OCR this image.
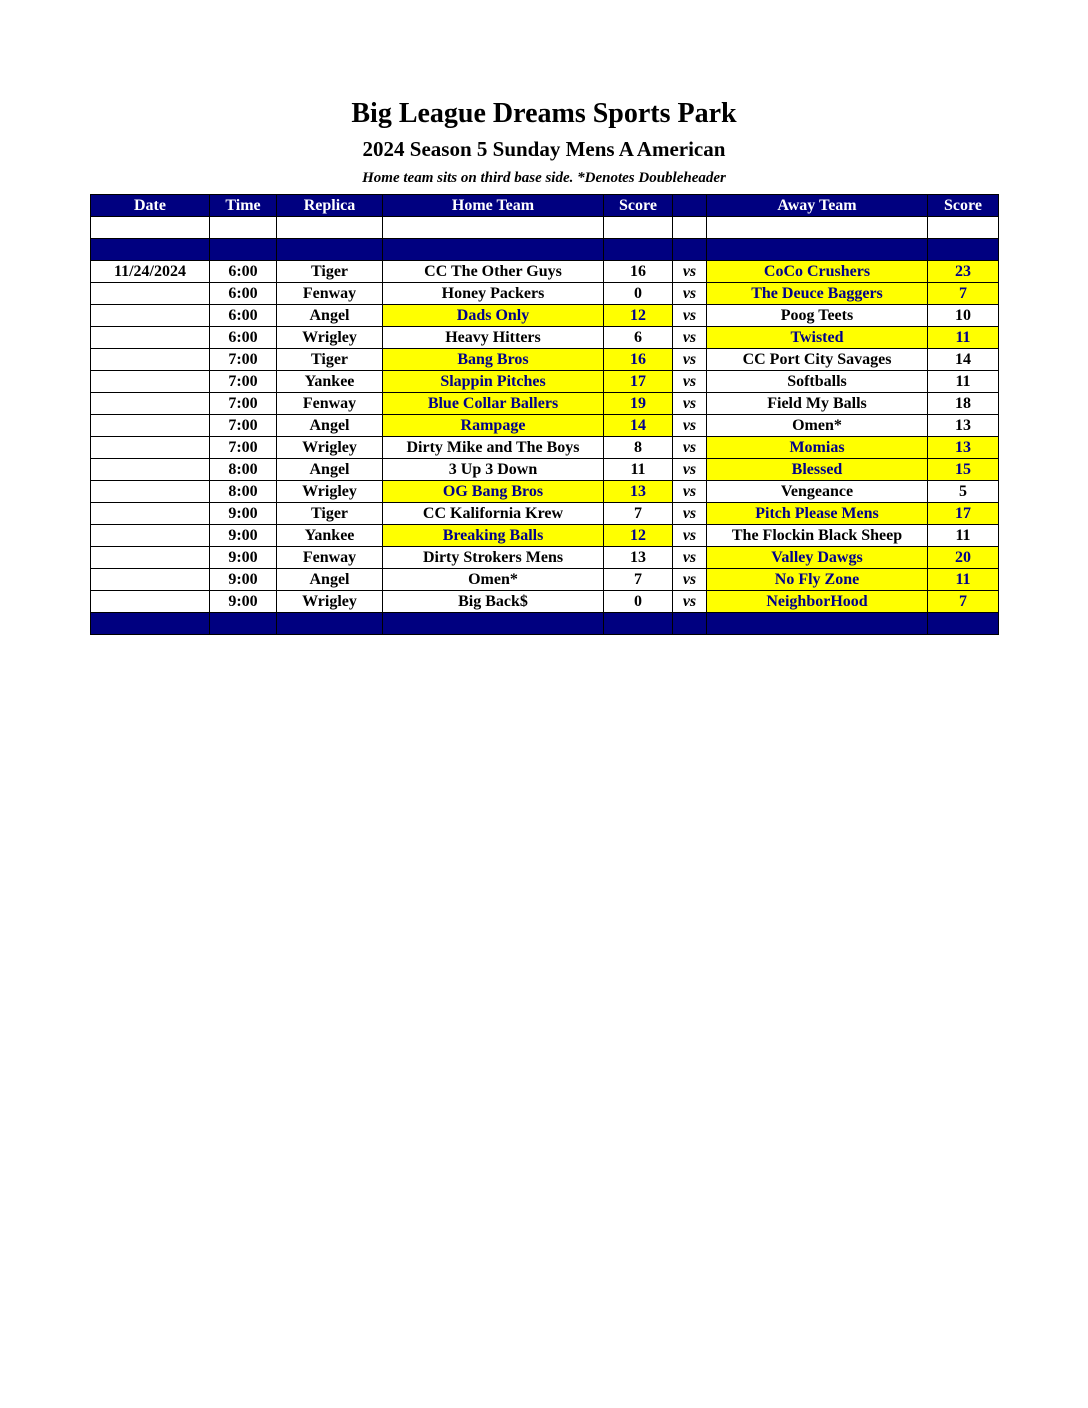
Big League Dreams Sports Park
2024 Season 5 Sunday Mens A American
Home team sits on third base side. *Denotes Doubleheader
Date	Time	Replica	Home Team	Score		Away Team	Score

11/24/2024	6:00	Tiger	CC The Other Guys	16	vs	CoCo Crushers	23
	6:00	Fenway	Honey Packers	0	vs	The Deuce Baggers	7
	6:00	Angel	Dads Only	12	vs	Poog Teets	10
	6:00	Wrigley	Heavy Hitters	6	vs	Twisted	11
	7:00	Tiger	Bang Bros	16	vs	CC Port City Savages	14
	7:00	Yankee	Slappin Pitches	17	vs	Softballs	11
	7:00	Fenway	Blue Collar Ballers	19	vs	Field My Balls	18
	7:00	Angel	Rampage	14	vs	Omen*	13
	7:00	Wrigley	Dirty Mike and The Boys	8	vs	Momias	13
	8:00	Angel	3 Up 3 Down	11	vs	Blessed	15
	8:00	Wrigley	OG Bang Bros	13	vs	Vengeance	5
	9:00	Tiger	CC Kalifornia Krew	7	vs	Pitch Please Mens	17
	9:00	Yankee	Breaking Balls	12	vs	The Flockin Black Sheep	11
	9:00	Fenway	Dirty Strokers Mens	13	vs	Valley Dawgs	20
	9:00	Angel	Omen*	7	vs	No Fly Zone	11
	9:00	Wrigley	Big Back$	0	vs	NeighborHood	7
